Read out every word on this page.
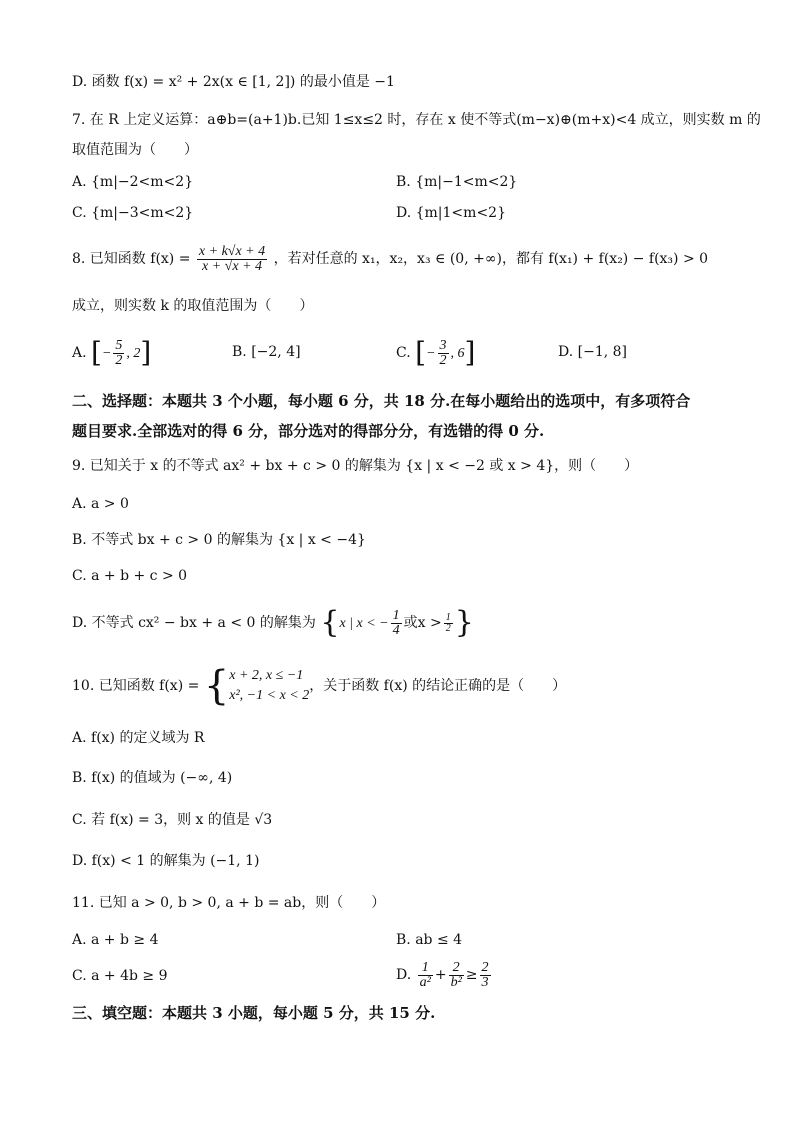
D. 函数 f(x) = x² + 2x(x ∈ [1, 2]) 的最小值是 −1
7. 在 R 上定义运算：a⊕b=(a+1)b.已知 1≤x≤2 时，存在 x 使不等式(m−x)⊕(m+x)<4 成立，则实数 m 的
取值范围为（　　）
A. {m|−2<m<2}	B. {m|−1<m<2}
C. {m|−3<m<2}	D. {m|1<m<2}
8. 已知函数 $f(x) = \frac{x + k√x + 4}{x + √x + 4}$ ，若对任意的 x₁，x₂，x₃ ∈ (0, +∞)，都有 f(x₁) + f(x₂) − f(x₃) > 0
成立，则实数 k 的取值范围为（　　）
A. [− $\frac{5}{2}$ , 2]	B. [−2, 4]	C. [− $\frac{3}{2}$ , 6]	D. [−1, 8]
二、选择题：本题共 3 个小题，每小题 6 分，共 18 分.在每小题给出的选项中，有多项符合
题目要求.全部选对的得 6 分，部分选对的得部分分，有选错的得 0 分.
9. 已知关于 x 的不等式 ax² + bx + c > 0 的解集为 {x | x < −2 或 x > 4}，则（　　）
A. a > 0
B. 不等式 bx + c > 0 的解集为 {x | x < −4}
C. a + b + c > 0
D. 不等式 cx² − bx + a < 0 的解集为 {x | x < − $\frac{1}{4}$ 或$x > \frac{1}{2}$ }
10. 已知函数 f(x) = { x + 2, x ≤ −1
x², −1 < x < 2
，关于函数 f(x) 的结论正确的是（　　）
A. f(x) 的定义域为 R
B. f(x) 的值域为 (−∞, 4)
C. 若 f(x) = 3，则 x 的值是 √3
D. f(x) < 1 的解集为 (−1, 1)
11. 已知 a > 0, b > 0, a + b = ab，则（　　）
A. a + b ≥ 4	B. ab ≤ 4
C. a + 4b ≥ 9	D. $\frac{1}{\text{a²}} + \frac{2}{\text{b²}} \ge \frac{2}{3}$
三、填空题：本题共 3 小题，每小题 5 分，共 15 分.
